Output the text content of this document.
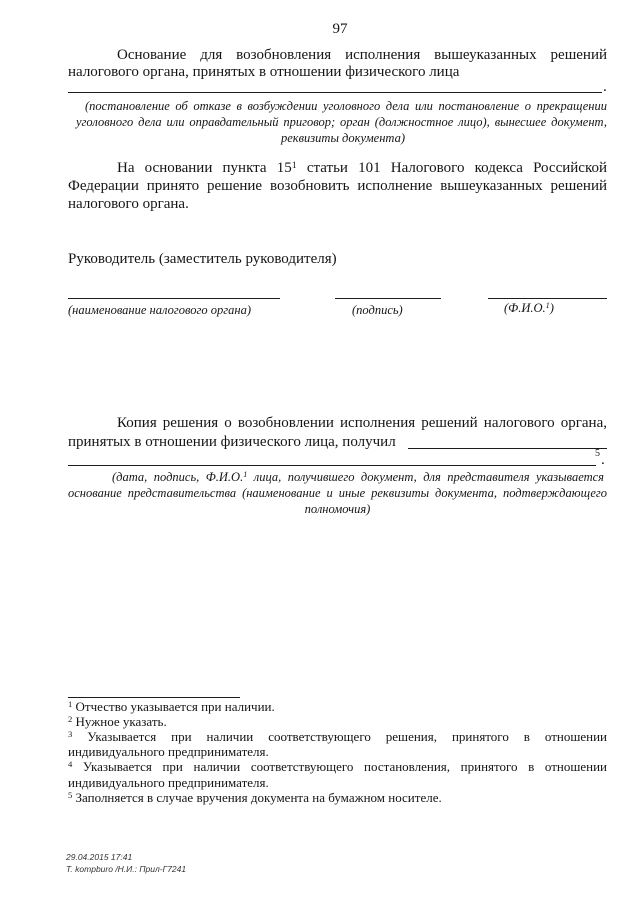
97
Основание для возобновления исполнения вышеуказанных решений
налогового органа, принятых в отношении физического лица
.
(постановление об отказе в возбуждении уголовного дела или постановление о прекращении
уголовного дела или оправдательный приговор; орган (должностное лицо), вынесшее документ,
реквизиты документа)
На основании пункта $15^1$ статьи 101 Налогового кодекса Российской
Федерации принято решение возобновить исполнение вышеуказанных решений
налогового органа.
Руководитель (заместитель руководителя)
(наименование налогового органа)	(подпись)	(Ф.И.О.$^1$)
Копия решения о возобновлении исполнения решений налогового органа,
принятых в отношении физического лица, получил
5 .
(дата, подпись, Ф.И.О.$^1$ лица, получившего документ, для представителя указывается
основание представительства (наименование и иные реквизиты документа, подтверждающего
полномочия)
$^1$ Отчество указывается при наличии.
$^2$ Нужное указать.
$^3$ Указывается при наличии соответствующего решения, принятого в отношении
индивидуального предпринимателя.
$^4$ Указывается при наличии соответствующего постановления, принятого в отношении
индивидуального предпринимателя.
$^5$ Заполняется в случае вручения документа на бумажном носителе.
29.04.2015 17:41
Т. kompburo /Н.И.: Прил-Г7241
